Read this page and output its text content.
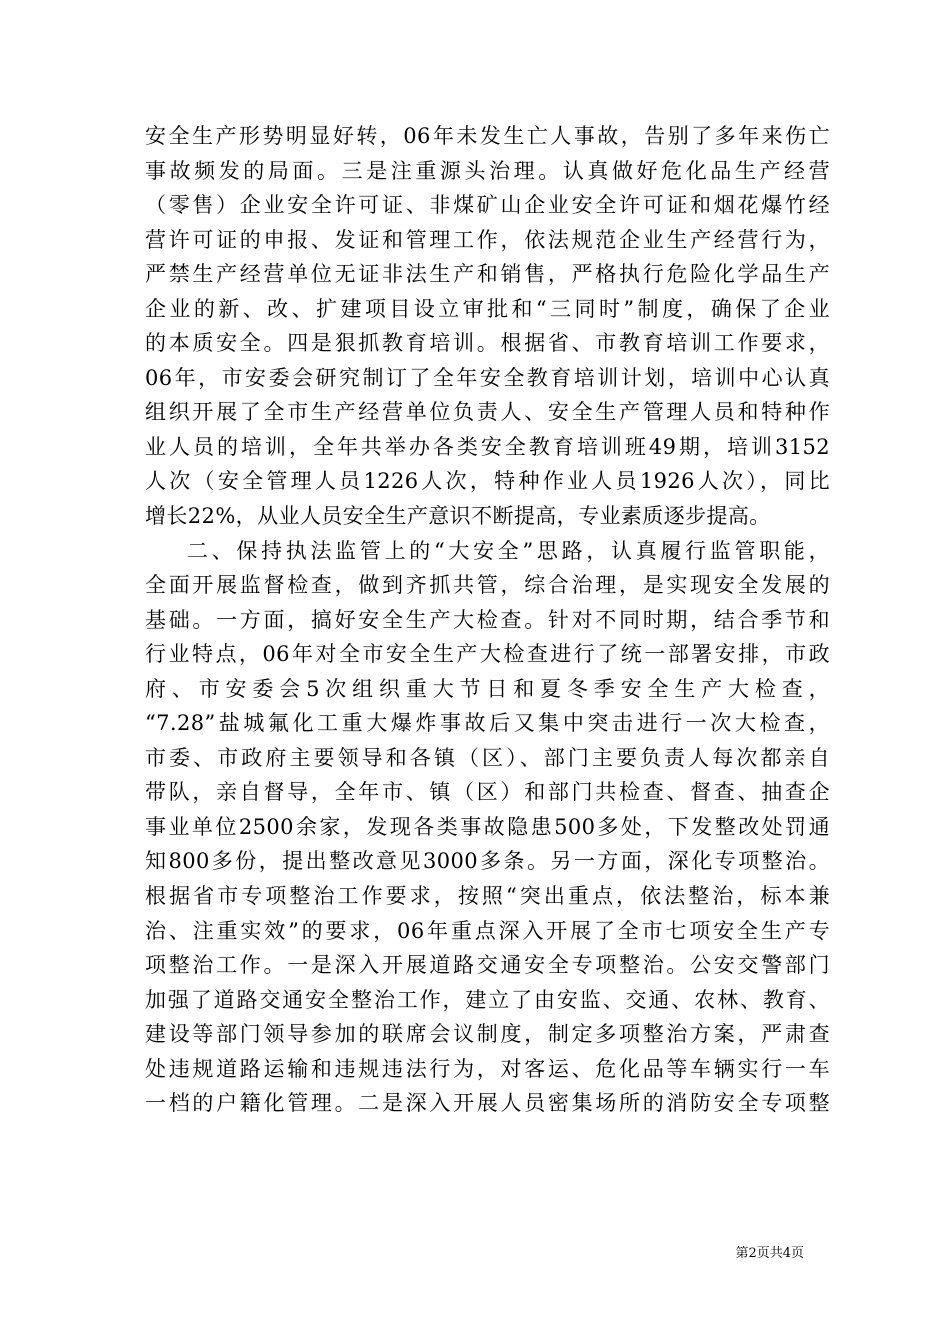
安全生产形势明显好转，06年未发生亡人事故，告别了多年来伤亡
事故频发的局面。三是注重源头治理。认真做好危化品生产经营
（零售）企业安全许可证、非煤矿山企业安全许可证和烟花爆竹经
营许可证的申报、发证和管理工作，依法规范企业生产经营行为，
严禁生产经营单位无证非法生产和销售，严格执行危险化学品生产
企业的新、改、扩建项目设立审批和“三同时”制度，确保了企业
的本质安全。四是狠抓教育培训。根据省、市教育培训工作要求，
06年，市安委会研究制订了全年安全教育培训计划，培训中心认真
组织开展了全市生产经营单位负责人、安全生产管理人员和特种作
业人员的培训，全年共举办各类安全教育培训班49期，培训3152
人次（安全管理人员1226人次，特种作业人员1926人次），同比
增长22%，从业人员安全生产意识不断提高，专业素质逐步提高。
二、保持执法监管上的“大安全”思路，认真履行监管职能，
全面开展监督检查，做到齐抓共管，综合治理，是实现安全发展的
基础。一方面，搞好安全生产大检查。针对不同时期，结合季节和
行业特点，06年对全市安全生产大检查进行了统一部署安排，市政
府、市安委会5次组织重大节日和夏冬季安全生产大检查，
“7.28”盐城氟化工重大爆炸事故后又集中突击进行一次大检查，
市委、市政府主要领导和各镇（区）、部门主要负责人每次都亲自
带队，亲自督导，全年市、镇（区）和部门共检查、督查、抽查企
事业单位2500余家，发现各类事故隐患500多处，下发整改处罚通
知800多份，提出整改意见3000多条。另一方面，深化专项整治。
根据省市专项整治工作要求，按照“突出重点，依法整治，标本兼
治、注重实效”的要求，06年重点深入开展了全市七项安全生产专
项整治工作。一是深入开展道路交通安全专项整治。公安交警部门
加强了道路交通安全整治工作，建立了由安监、交通、农林、教育、
建设等部门领导参加的联席会议制度，制定多项整治方案，严肃查
处违规道路运输和违规违法行为，对客运、危化品等车辆实行一车
一档的户籍化管理。二是深入开展人员密集场所的消防安全专项整
第2页共4页
